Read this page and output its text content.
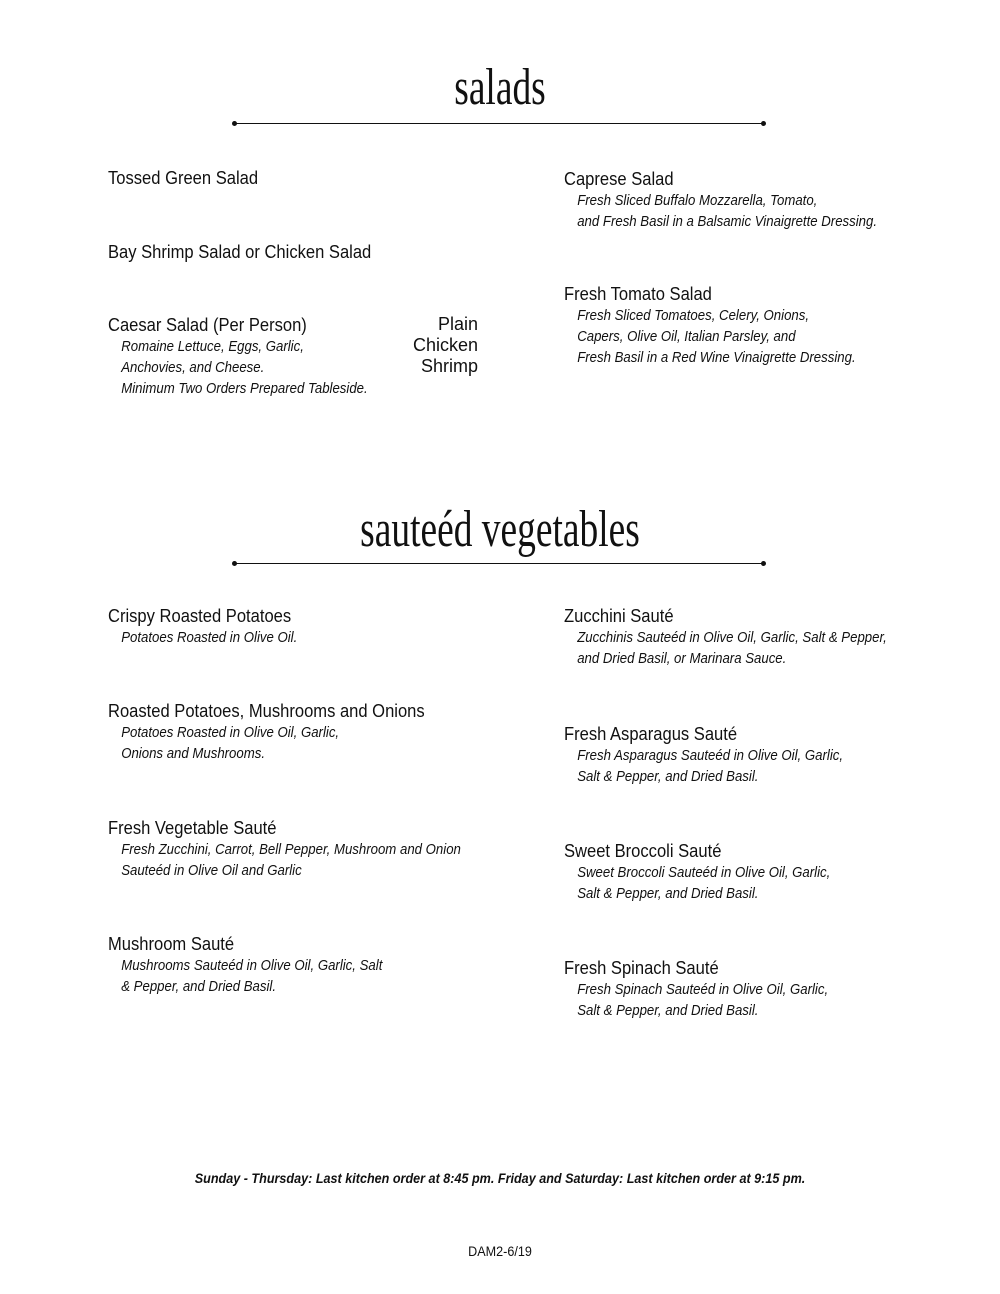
salads
Tossed Green Salad
Bay Shrimp Salad or Chicken Salad
Caesar Salad (Per Person)
Romaine Lettuce, Eggs, Garlic,
Anchovies, and Cheese.
Minimum Two Orders Prepared Tableside.
Plain
Chicken
Shrimp
Caprese Salad
Fresh Sliced Buffalo Mozzarella, Tomato,
and Fresh Basil in a Balsamic Vinaigrette Dressing.
Fresh Tomato Salad
Fresh Sliced Tomatoes, Celery, Onions,
Capers, Olive Oil, Italian Parsley, and
Fresh Basil in a Red Wine Vinaigrette Dressing.
sauteéd vegetables
Crispy Roasted Potatoes
Potatoes Roasted in Olive Oil.
Roasted Potatoes, Mushrooms and Onions
Potatoes Roasted in Olive Oil, Garlic,
Onions and Mushrooms.
Fresh Vegetable Sauté
Fresh Zucchini, Carrot, Bell Pepper, Mushroom and Onion
Sauteéd in Olive Oil and Garlic
Mushroom Sauté
Mushrooms Sauteéd in Olive Oil, Garlic, Salt
& Pepper, and Dried Basil.
Zucchini Sauté
Zucchinis Sauteéd in Olive Oil, Garlic, Salt & Pepper,
and Dried Basil, or Marinara Sauce.
Fresh Asparagus Sauté
Fresh Asparagus Sauteéd in Olive Oil, Garlic,
Salt & Pepper, and Dried Basil.
Sweet Broccoli Sauté
Sweet Broccoli Sauteéd in Olive Oil, Garlic,
Salt & Pepper, and Dried Basil.
Fresh Spinach Sauté
Fresh Spinach Sauteéd in Olive Oil, Garlic,
Salt & Pepper, and Dried Basil.
Sunday - Thursday: Last kitchen order at 8:45 pm. Friday and Saturday: Last kitchen order at 9:15 pm.
DAM2-6/19
